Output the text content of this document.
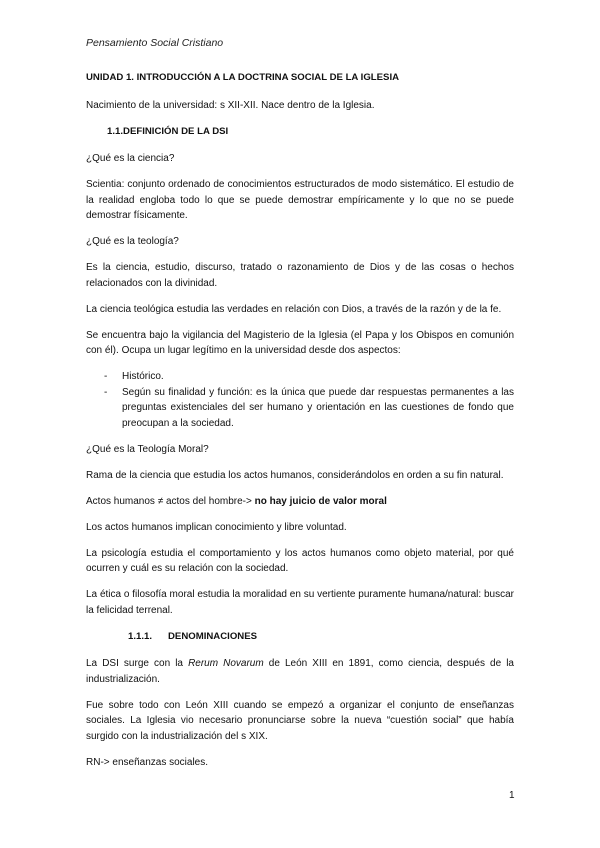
Pensamiento Social Cristiano

UNIDAD 1. INTRODUCCIÓN A LA DOCTRINA SOCIAL DE LA IGLESIA

Nacimiento de la universidad: s XII-XII. Nace dentro de la Iglesia.

1.1.DEFINICIÓN DE LA DSI

¿Qué es la ciencia?

Scientia: conjunto ordenado de conocimientos estructurados de modo sistemático. El estudio de la realidad engloba todo lo que se puede demostrar empíricamente y lo que no se puede demostrar físicamente.

¿Qué es la teología?

Es la ciencia, estudio, discurso, tratado o razonamiento de Dios y de las cosas o hechos relacionados con la divinidad.

La ciencia teológica estudia las verdades en relación con Dios, a través de la razón y de la fe.

Se encuentra bajo la vigilancia del Magisterio de la Iglesia (el Papa y los Obispos en comunión con él). Ocupa un lugar legítimo en la universidad desde dos aspectos:

- Histórico.
- Según su finalidad y función: es la única que puede dar respuestas permanentes a las preguntas existenciales del ser humano y orientación en las cuestiones de fondo que preocupan a la sociedad.

¿Qué es la Teología Moral?

Rama de la ciencia que estudia los actos humanos, considerándolos en orden a su fin natural.

Actos humanos ≠ actos del hombre-> no hay juicio de valor moral

Los actos humanos implican conocimiento y libre voluntad.

La psicología estudia el comportamiento y los actos humanos como objeto material, por qué ocurren y cuál es su relación con la sociedad.

La ética o filosofía moral estudia la moralidad en su vertiente puramente humana/natural: buscar la felicidad terrenal.

1.1.1. DENOMINACIONES

La DSI surge con la Rerum Novarum de León XIII en 1891, como ciencia, después de la industrialización.

Fue sobre todo con León XIII cuando se empezó a organizar el conjunto de enseñanzas sociales. La Iglesia vio necesario pronunciarse sobre la nueva “cuestión social” que había surgido con la industrialización del s XIX.

RN-> enseñanzas sociales.

1
